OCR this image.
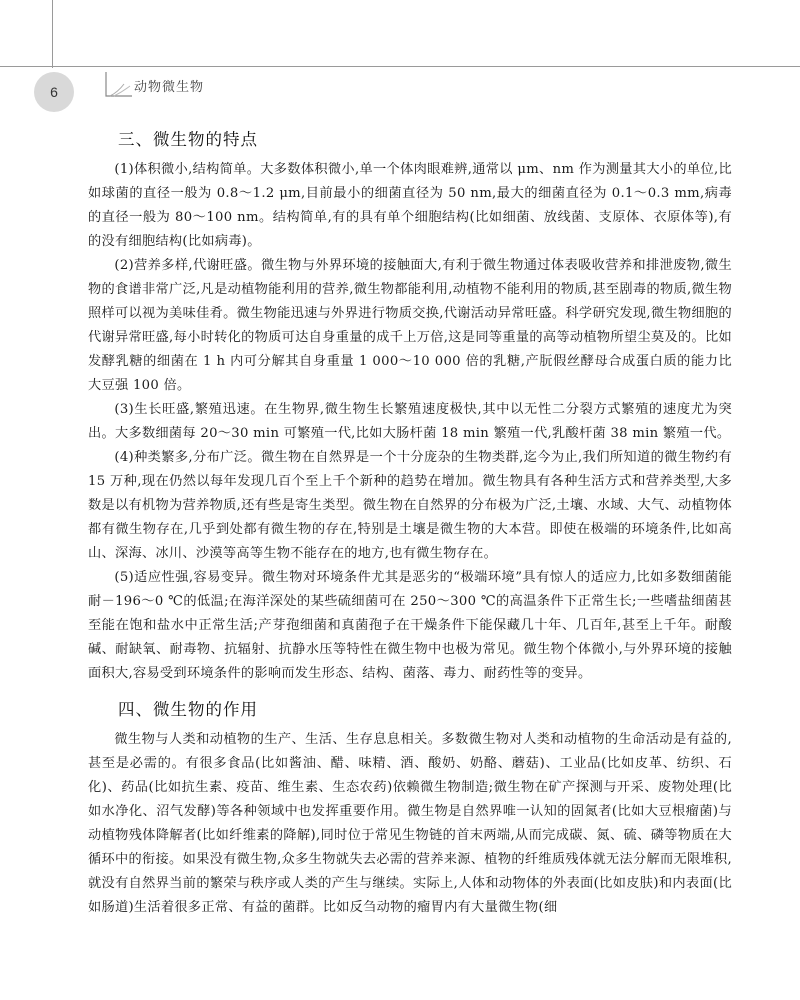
6	动物微生物
三、微生物的特点

(1)体积微小,结构简单。大多数体积微小,单一个体肉眼难辨,通常以 μm、nm 作为测量其大小的单位,比如球菌的直径一般为 0.8～1.2 μm,目前最小的细菌直径为 50 nm,最大的细菌直径为 0.1～0.3 mm,病毒的直径一般为 80～100 nm。结构简单,有的具有单个细胞结构(比如细菌、放线菌、支原体、衣原体等),有的没有细胞结构(比如病毒)。

(2)营养多样,代谢旺盛。微生物与外界环境的接触面大,有利于微生物通过体表吸收营养和排泄废物,微生物的食谱非常广泛,凡是动植物能利用的营养,微生物都能利用,动植物不能利用的物质,甚至剧毒的物质,微生物照样可以视为美味佳肴。微生物能迅速与外界进行物质交换,代谢活动异常旺盛。科学研究发现,微生物细胞的代谢异常旺盛,每小时转化的物质可达自身重量的成千上万倍,这是同等重量的高等动植物所望尘莫及的。比如发酵乳糖的细菌在 1 h 内可分解其自身重量 1 000～10 000 倍的乳糖,产朊假丝酵母合成蛋白质的能力比大豆强 100 倍。

(3)生长旺盛,繁殖迅速。在生物界,微生物生长繁殖速度极快,其中以无性二分裂方式繁殖的速度尤为突出。大多数细菌每 20～30 min 可繁殖一代,比如大肠杆菌 18 min 繁殖一代,乳酸杆菌 38 min 繁殖一代。

(4)种类繁多,分布广泛。微生物在自然界是一个十分庞杂的生物类群,迄今为止,我们所知道的微生物约有 15 万种,现在仍然以每年发现几百个至上千个新种的趋势在增加。微生物具有各种生活方式和营养类型,大多数是以有机物为营养物质,还有些是寄生类型。微生物在自然界的分布极为广泛,土壤、水域、大气、动植物体都有微生物存在,几乎到处都有微生物的存在,特别是土壤是微生物的大本营。即使在极端的环境条件,比如高山、深海、冰川、沙漠等高等生物不能存在的地方,也有微生物存在。

(5)适应性强,容易变异。微生物对环境条件尤其是恶劣的“极端环境”具有惊人的适应力,比如多数细菌能耐－196～0 ℃的低温;在海洋深处的某些硫细菌可在 250～300 ℃的高温条件下正常生长;一些嗜盐细菌甚至能在饱和盐水中正常生活;产芽孢细菌和真菌孢子在干燥条件下能保藏几十年、几百年,甚至上千年。耐酸碱、耐缺氧、耐毒物、抗辐射、抗静水压等特性在微生物中也极为常见。微生物个体微小,与外界环境的接触面积大,容易受到环境条件的影响而发生形态、结构、菌落、毒力、耐药性等的变异。

四、微生物的作用

微生物与人类和动植物的生产、生活、生存息息相关。多数微生物对人类和动植物的生命活动是有益的,甚至是必需的。有很多食品(比如酱油、醋、味精、酒、酸奶、奶酪、蘑菇)、工业品(比如皮革、纺织、石化)、药品(比如抗生素、疫苗、维生素、生态农药)依赖微生物制造;微生物在矿产探测与开采、废物处理(比如水净化、沼气发酵)等各种领域中也发挥重要作用。微生物是自然界唯一认知的固氮者(比如大豆根瘤菌)与动植物残体降解者(比如纤维素的降解),同时位于常见生物链的首末两端,从而完成碳、氮、硫、磷等物质在大循环中的衔接。如果没有微生物,众多生物就失去必需的营养来源、植物的纤维质残体就无法分解而无限堆积,就没有自然界当前的繁荣与秩序或人类的产生与继续。实际上,人体和动物体的外表面(比如皮肤)和内表面(比如肠道)生活着很多正常、有益的菌群。比如反刍动物的瘤胃内有大量微生物(细
